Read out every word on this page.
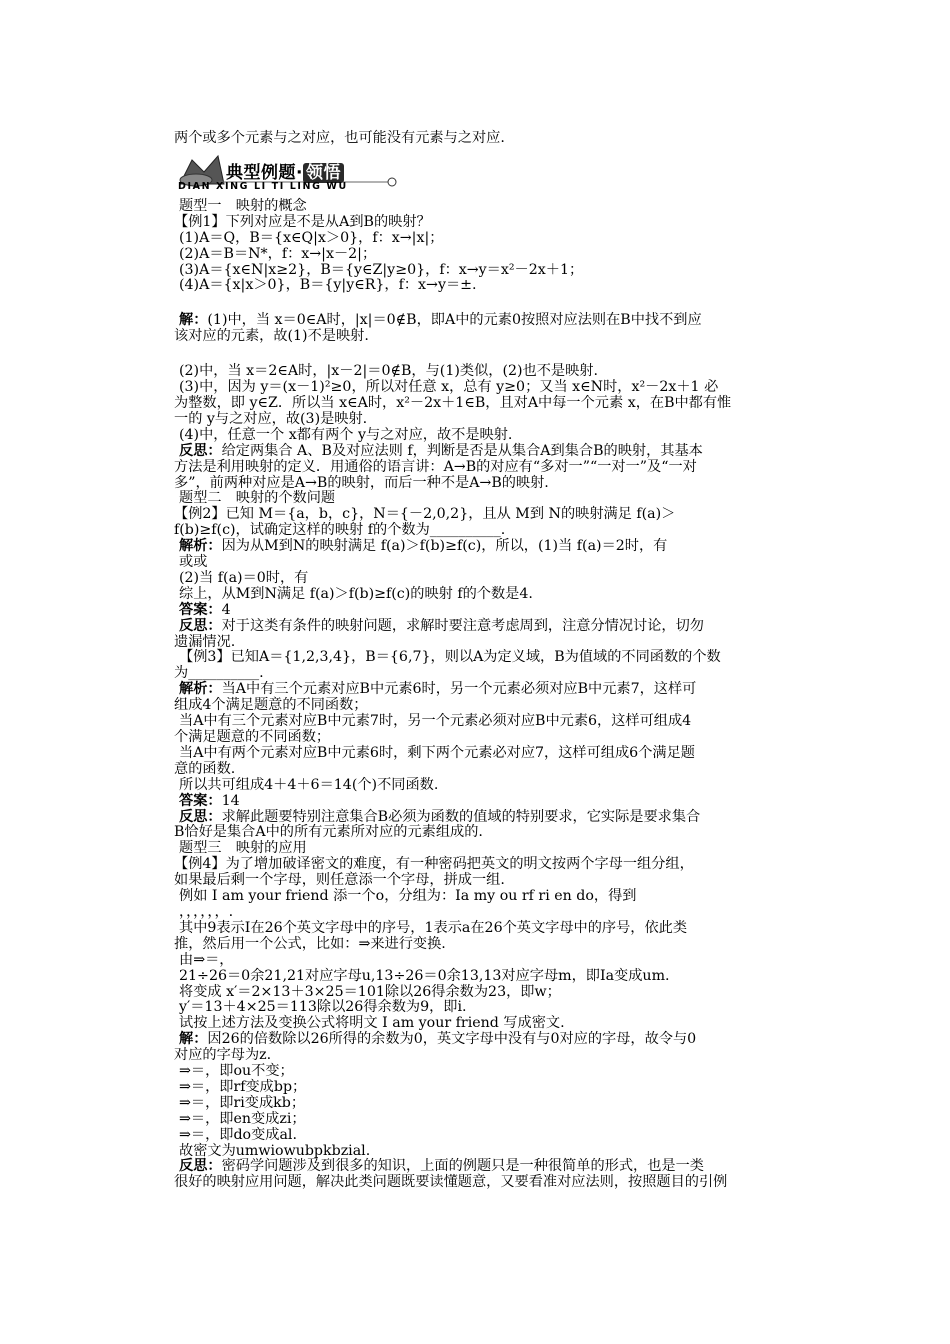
两个或多个元素与之对应，也可能没有元素与之对应.
典型例题· 领悟
DIAN XING LI TI LING WU
题型一　映射的概念
【例1】下列对应是不是从A到B的映射？
(1)A＝Q，B＝{x∈Q|x＞0}，f：x→|x|；
(2)A＝B＝N*，f：x→|x－2|；
(3)A＝{x∈N|x≥2}，B＝{y∈Z|y≥0}，f：x→y＝x²－2x＋1；
(4)A＝{x|x＞0}，B＝{y|y∈R}，f：x→y＝±.
解：(1)中，当 x＝0∈A时，|x|＝0∉B，即A中的元素0按照对应法则在B中找不到应
该对应的元素，故(1)不是映射.
(2)中，当 x＝2∈A时，|x－2|＝0∉B，与(1)类似，(2)也不是映射.
(3)中，因为 y＝(x－1)²≥0，所以对任意 x，总有 y≥0；又当 x∈N时，x²－2x＋1 必
为整数，即 y∈Z．所以当 x∈A时，x²－2x＋1∈B，且对A中每一个元素 x，在B中都有惟
一的 y与之对应，故(3)是映射.
(4)中，任意一个 x都有两个 y与之对应，故不是映射.
反思：给定两集合 A、B及对应法则 f，判断是否是从集合A到集合B的映射，其基本
方法是利用映射的定义．用通俗的语言讲：A→B的对应有“多对一”“一对一”及“一对
多”，前两种对应是A→B的映射，而后一种不是A→B的映射.
题型二　映射的个数问题
【例2】已知 M＝{a，b，c}，N＝{－2,0,2}，且从 M到 N的映射满足 f(a)＞
f(b)≥f(c)，试确定这样的映射 f的个数为__________.
解析：因为从M到N的映射满足 f(a)＞f(b)≥f(c)，所以，(1)当 f(a)＝2时，有
或或
(2)当 f(a)＝0时，有
综上，从M到N满足 f(a)＞f(b)≥f(c)的映射 f的个数是4.
答案：4
反思：对于这类有条件的映射问题，求解时要注意考虑周到，注意分情况讨论，切勿
遗漏情况.
【例3】已知A＝{1,2,3,4}，B＝{6,7}，则以A为定义域，B为值域的不同函数的个数
为__________.
解析：当A中有三个元素对应B中元素6时，另一个元素必须对应B中元素7，这样可
组成4个满足题意的不同函数；
当A中有三个元素对应B中元素7时，另一个元素必须对应B中元素6，这样可组成4
个满足题意的不同函数；
当A中有两个元素对应B中元素6时，剩下两个元素必对应7，这样可组成6个满足题
意的函数.
所以共可组成4＋4＋6＝14(个)不同函数.
答案：14
反思：求解此题要特别注意集合B必须为函数的值域的特别要求，它实际是要求集合
B恰好是集合A中的所有元素所对应的元素组成的.
题型三　映射的应用
【例4】为了增加破译密文的难度，有一种密码把英文的明文按两个字母一组分组，
如果最后剩一个字母，则任意添一个字母，拼成一组.
例如 I am your friend 添一个o，分组为：Ia my ou rf ri en do，得到
，，，，，，.
其中9表示I在26个英文字母中的序号，1表示a在26个英文字母中的序号，依此类
推，然后用一个公式，比如：⇒来进行变换.
由⇒＝，
21÷26＝0余21,21对应字母u,13÷26＝0余13,13对应字母m，即Ia变成um.
将变成 x′＝2×13＋3×25＝101除以26得余数为23，即w；
y′＝13＋4×25＝113除以26得余数为9，即i.
试按上述方法及变换公式将明文 I am your friend 写成密文.
解：因26的倍数除以26所得的余数为0，英文字母中没有与0对应的字母，故令与0
对应的字母为z.
⇒＝，即ou不变；
⇒＝，即rf变成bp；
⇒＝，即ri变成kb；
⇒＝，即en变成zi；
⇒＝，即do变成al.
故密文为umwiowubpkbzial.
反思：密码学问题涉及到很多的知识，上面的例题只是一种很简单的形式，也是一类
很好的映射应用问题，解决此类问题既要读懂题意，又要看准对应法则，按照题目的引例
